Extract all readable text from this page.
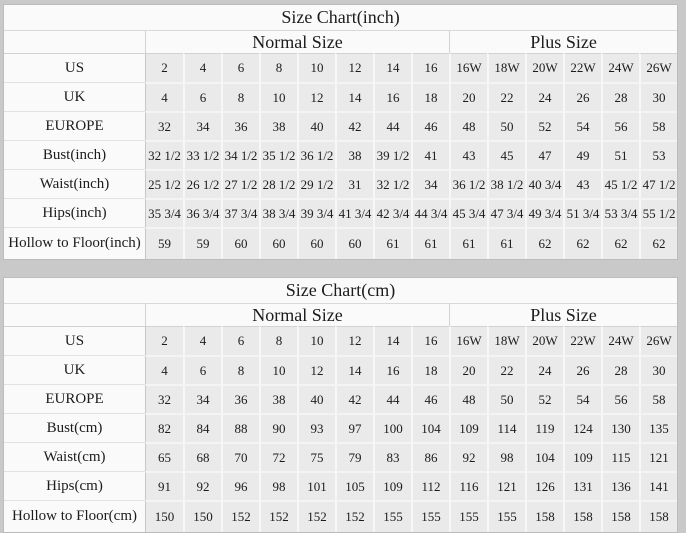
Size Chart(inch)														
	Normal Size								Plus Size					
US	2	4	6	8	10	12	14	16	16W	18W	20W	22W	24W	26W
UK	4	6	8	10	12	14	16	18	20	22	24	26	28	30
EUROPE	32	34	36	38	40	42	44	46	48	50	52	54	56	58
Bust(inch)	32 1/2	33 1/2	34 1/2	35 1/2	36 1/2	38	39 1/2	41	43	45	47	49	51	53
Waist(inch)	25 1/2	26 1/2	27 1/2	28 1/2	29 1/2	31	32 1/2	34	36 1/2	38 1/2	40 3/4	43	45 1/2	47 1/2
Hips(inch)	35 3/4	36 3/4	37 3/4	38 3/4	39 3/4	41 3/4	42 3/4	44 3/4	45 3/4	47 3/4	49 3/4	51 3/4	53 3/4	55 1/2
Hollow to Floor(inch)	59	59	60	60	60	60	61	61	61	61	62	62	62	62
Size Chart(cm)														
	Normal Size								Plus Size					
US	2	4	6	8	10	12	14	16	16W	18W	20W	22W	24W	26W
UK	4	6	8	10	12	14	16	18	20	22	24	26	28	30
EUROPE	32	34	36	38	40	42	44	46	48	50	52	54	56	58
Bust(cm)	82	84	88	90	93	97	100	104	109	114	119	124	130	135
Waist(cm)	65	68	70	72	75	79	83	86	92	98	104	109	115	121
Hips(cm)	91	92	96	98	101	105	109	112	116	121	126	131	136	141
Hollow to Floor(cm)	150	150	152	152	152	152	155	155	155	155	158	158	158	158
